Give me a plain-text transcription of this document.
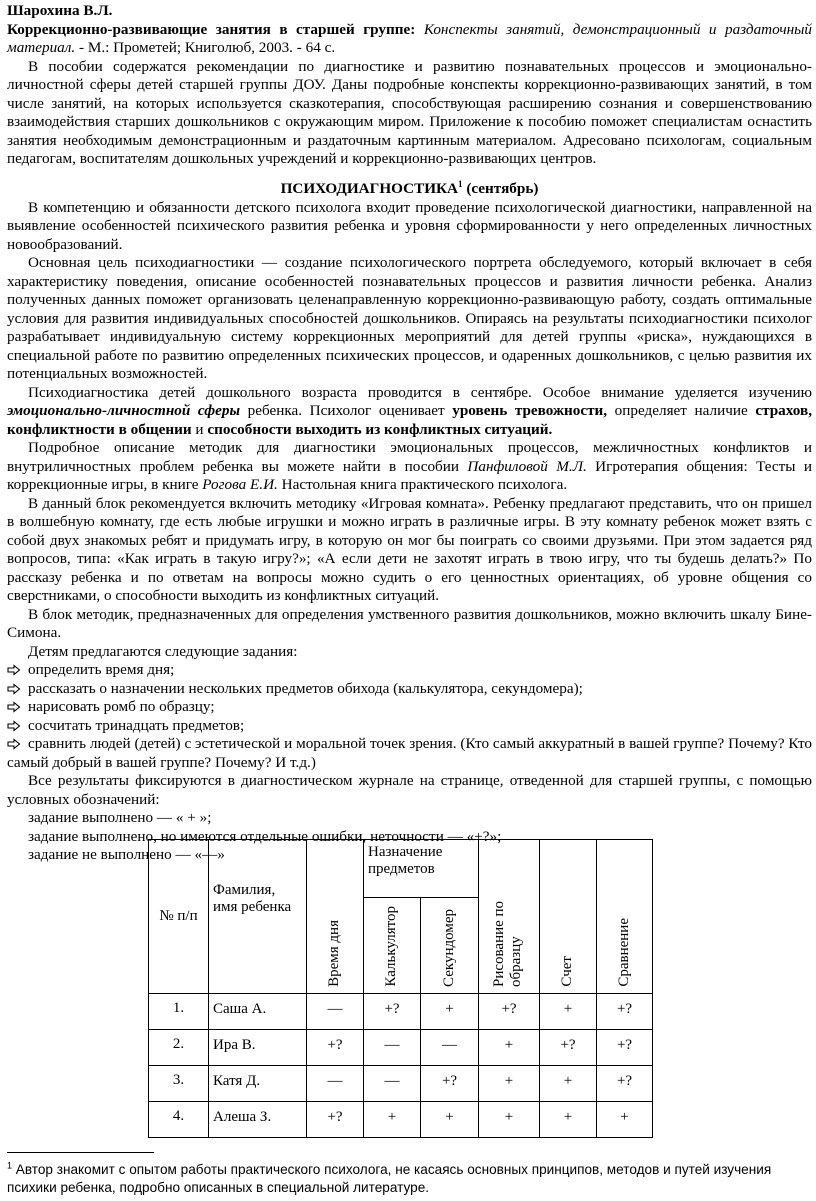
Шарохина В.Л.

Коррекционно-развивающие занятия в старшей группе: Конспекты занятий, демонстрационный и раздаточный материал. - М.: Прометей; Книголюб, 2003. - 64 с.

В пособии содержатся рекомендации по диагностике и развитию познавательных процессов и эмоционально-личностной сферы детей старшей группы ДОУ. Даны подробные конспекты коррекционно-развивающих занятий, в том числе занятий, на которых используется сказкотерапия, способствующая расширению сознания и совершенствованию взаимодействия старших дошкольников с окружающим миром. Приложение к пособию поможет специалистам оснастить занятия необходимым демонстрационным и раздаточным картинным материалом. Адресовано психологам, социальным педагогам, воспитателям дошкольных учреждений и коррекционно-развивающих центров.

ПСИХОДИАГНОСТИКА$^1$ (сентябрь)

В компетенцию и обязанности детского психолога входит проведение психологической диагностики, направленной на выявление особенностей психического развития ребенка и уровня сформированности у него определенных личностных новообразований.

Основная цель психодиагностики — создание психологического портрета обследуемого, который включает в себя характеристику поведения, описание особенностей познавательных процессов и развития личности ребенка. Анализ полученных данных поможет организовать целенаправленную коррекционно-развивающую работу, создать оптимальные условия для развития индивидуальных способностей дошкольников. Опираясь на результаты психодиагностики психолог разрабатывает индивидуальную систему коррекционных мероприятий для детей группы «риска», нуждающихся в специальной работе по развитию определенных психических процессов, и одаренных дошкольников, с целью развития их потенциальных возможностей.

Психодиагностика детей дошкольного возраста проводится в сентябре. Особое внимание уделяется изучению эмоционально-личностной сферы ребенка. Психолог оценивает уровень тревожности, определяет наличие страхов, конфликтности в общении и способности выходить из конфликтных ситуаций.

Подробное описание методик для диагностики эмоциональных процессов, межличностных конфликтов и внутриличностных проблем ребенка вы можете найти в пособии Панфиловой М.Л. Игротерапия общения: Тесты и коррекционные игры, в книге Рогова Е.И. Настольная книга практического психолога.

В данный блок рекомендуется включить методику «Игровая комната». Ребенку предлагают представить, что он пришел в волшебную комнату, где есть любые игрушки и можно играть в различные игры. В эту комнату ребенок может взять с собой двух знакомых ребят и придумать игру, в которую он мог бы поиграть со своими друзьями. При этом задается ряд вопросов, типа: «Как играть в такую игру?»; «А если дети не захотят играть в твою игру, что ты будешь делать?» По рассказу ребенка и по ответам на вопросы можно судить о его ценностных ориентациях, об уровне общения со сверстниками, о способности выходить из конфликтных ситуаций.

В блок методик, предназначенных для определения умственного развития дошкольников, можно включить шкалу Бине-Симона.

Детям предлагаются следующие задания:

определить время дня;

рассказать о назначении нескольких предметов обихода (калькулятора, секундомера);

нарисовать ромб по образцу;

сосчитать тринадцать предметов;

сравнить людей (детей) с эстетической и моральной точек зрения. (Кто самый аккуратный в вашей группе? Почему? Кто самый добрый в вашей группе? Почему? И т.д.)

Все результаты фиксируются в диагностическом журнале на странице, отведенной для старшей группы, с помощью условных обозначений:

задание выполнено — « + »;

задание выполнено, но имеются отдельные ошибки, неточности — «+?»;

задание не выполнено — «—»

№ п/п	Фамилия, имя ребенка	Время дня	Назначение предметов		Рисование по образцу	Счет	Сравнение

			Калькулятор	Секундомер			

1.	Саша А.	—	+?	+	+?	+	+?
2.	Ира В.	+?	—	—	+	+?	+?
3.	Катя Д.	—	—	+?	+	+	+?
4.	Алеша З.	+?	+	+	+	+	+
$^1$ Автор знакомит с опытом работы практического психолога, не касаясь основных принципов, методов и путей изучения психики ребенка, подробно описанных в специальной литературе.
